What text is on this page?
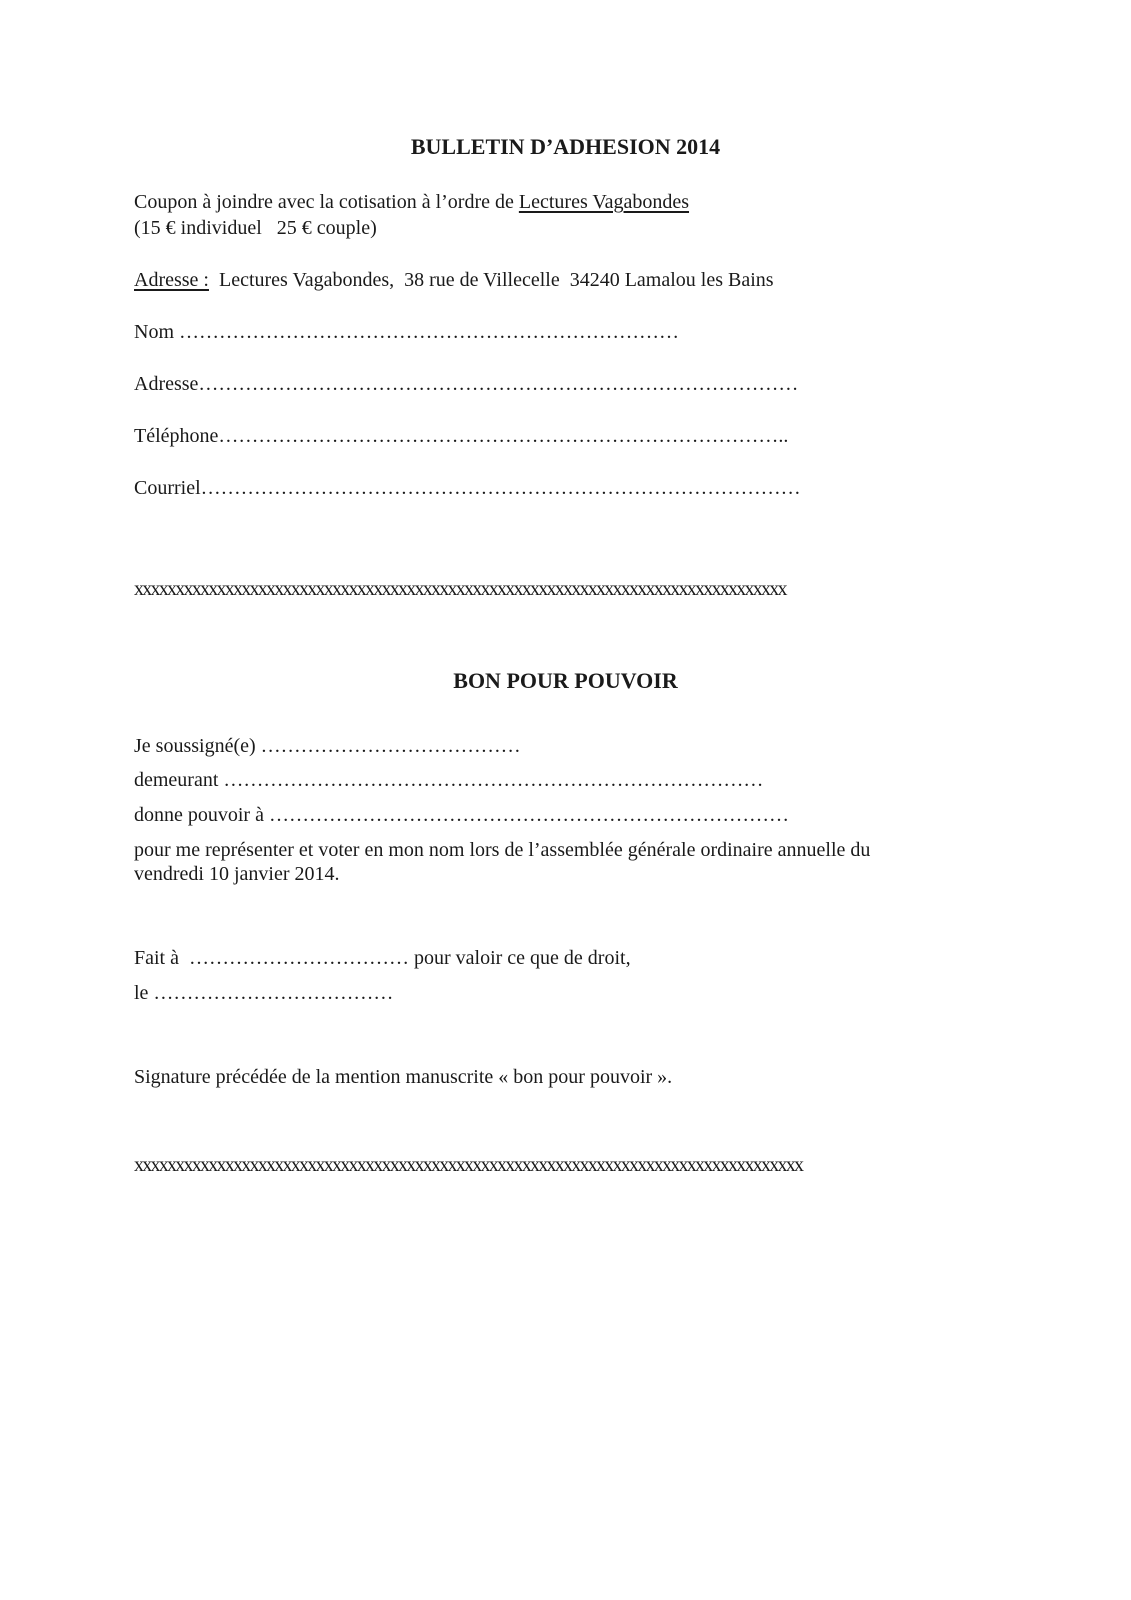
BULLETIN D’ADHESION 2014
Coupon à joindre avec la cotisation à l’ordre de Lectures Vagabondes
(15 € individuel   25 € couple)
Adresse :  Lectures Vagabondes,  38 rue de Villecelle  34240 Lamalou les Bains
Nom …………………………………………………………………
Adresse………………………………………………………………………………
Téléphone…………………………………………………………………………..
Courriel………………………………………………………………………………
xxxxxxxxxxxxxxxxxxxxxxxxxxxxxxxxxxxxxxxxxxxxxxxxxxxxxxxxxxxxxxxxxxxxxxxxxxxxxxx
BON POUR POUVOIR
Je soussigné(e) …………………………………
demeurant ………………………………………………………………………
donne pouvoir à ……………………………………………………………………
pour me représenter et voter en mon nom lors de l’assemblée générale ordinaire annuelle du
vendredi 10 janvier 2014.
Fait à  …………………………… pour valoir ce que de droit,
le ………………………………
Signature précédée de la mention manuscrite « bon pour pouvoir ».
xxxxxxxxxxxxxxxxxxxxxxxxxxxxxxxxxxxxxxxxxxxxxxxxxxxxxxxxxxxxxxxxxxxxxxxxxxxxxxxxx
